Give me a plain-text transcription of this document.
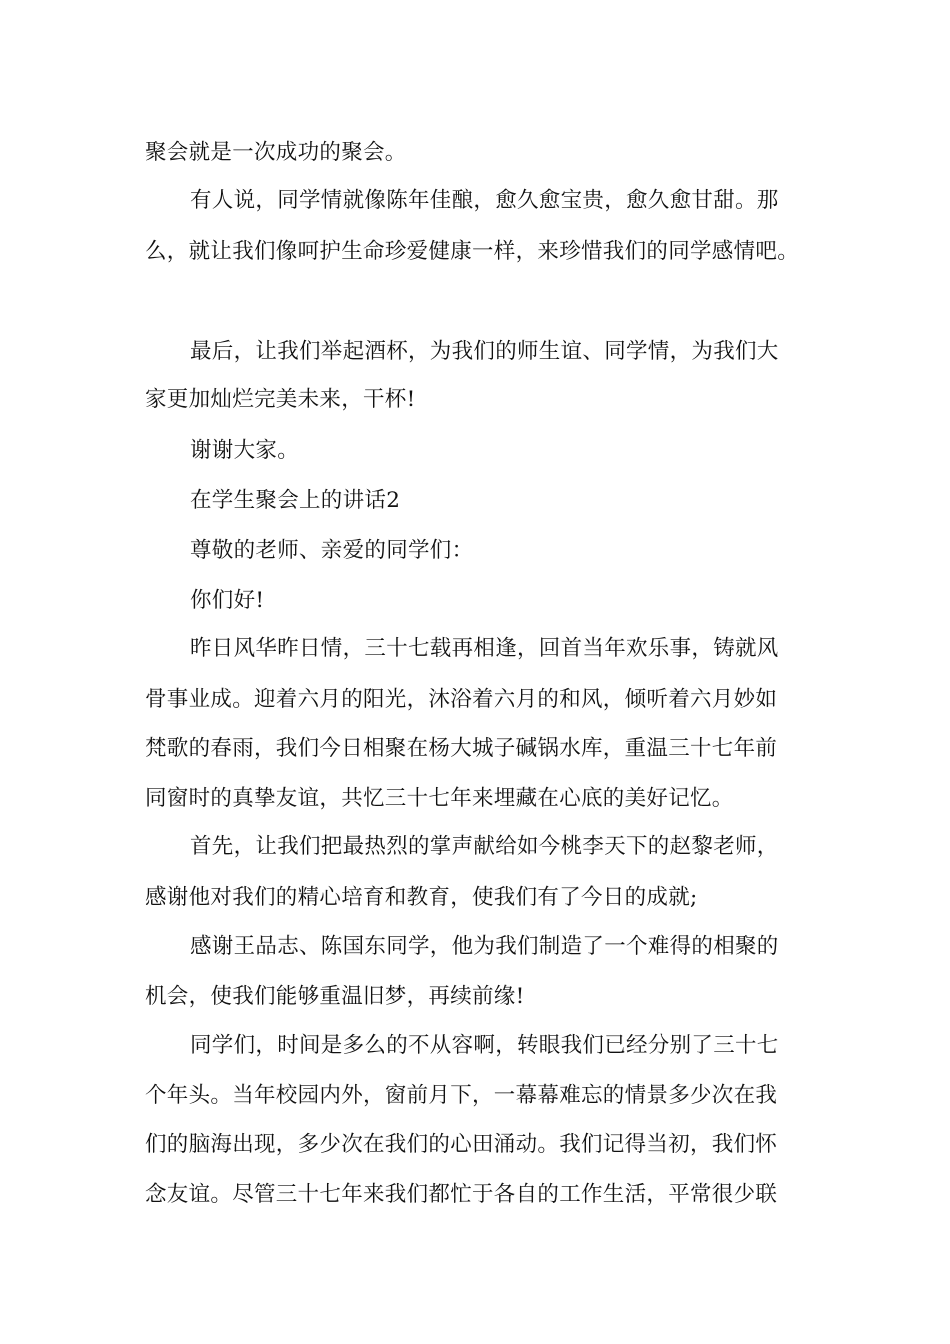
聚会就是一次成功的聚会。
有人说，同学情就像陈年佳酿，愈久愈宝贵，愈久愈甘甜。那
么，就让我们像呵护生命珍爱健康一样，来珍惜我们的同学感情吧。
最后，让我们举起酒杯，为我们的师生谊、同学情，为我们大
家更加灿烂完美未来，干杯!
谢谢大家。
在学生聚会上的讲话2
尊敬的老师、亲爱的同学们：
你们好!
昨日风华昨日情，三十七载再相逢，回首当年欢乐事，铸就风
骨事业成。迎着六月的阳光，沐浴着六月的和风，倾听着六月妙如
梵歌的春雨，我们今日相聚在杨大城子碱锅水库，重温三十七年前
同窗时的真挚友谊，共忆三十七年来埋藏在心底的美好记忆。
首先，让我们把最热烈的掌声献给如今桃李天下的赵黎老师，
感谢他对我们的精心培育和教育，使我们有了今日的成就;
感谢王品志、陈国东同学，他为我们制造了一个难得的相聚的
机会，使我们能够重温旧梦，再续前缘!
同学们，时间是多么的不从容啊，转眼我们已经分别了三十七
个年头。当年校园内外，窗前月下，一幕幕难忘的情景多少次在我
们的脑海出现，多少次在我们的心田涌动。我们记得当初，我们怀
念友谊。尽管三十七年来我们都忙于各自的工作生活，平常很少联
